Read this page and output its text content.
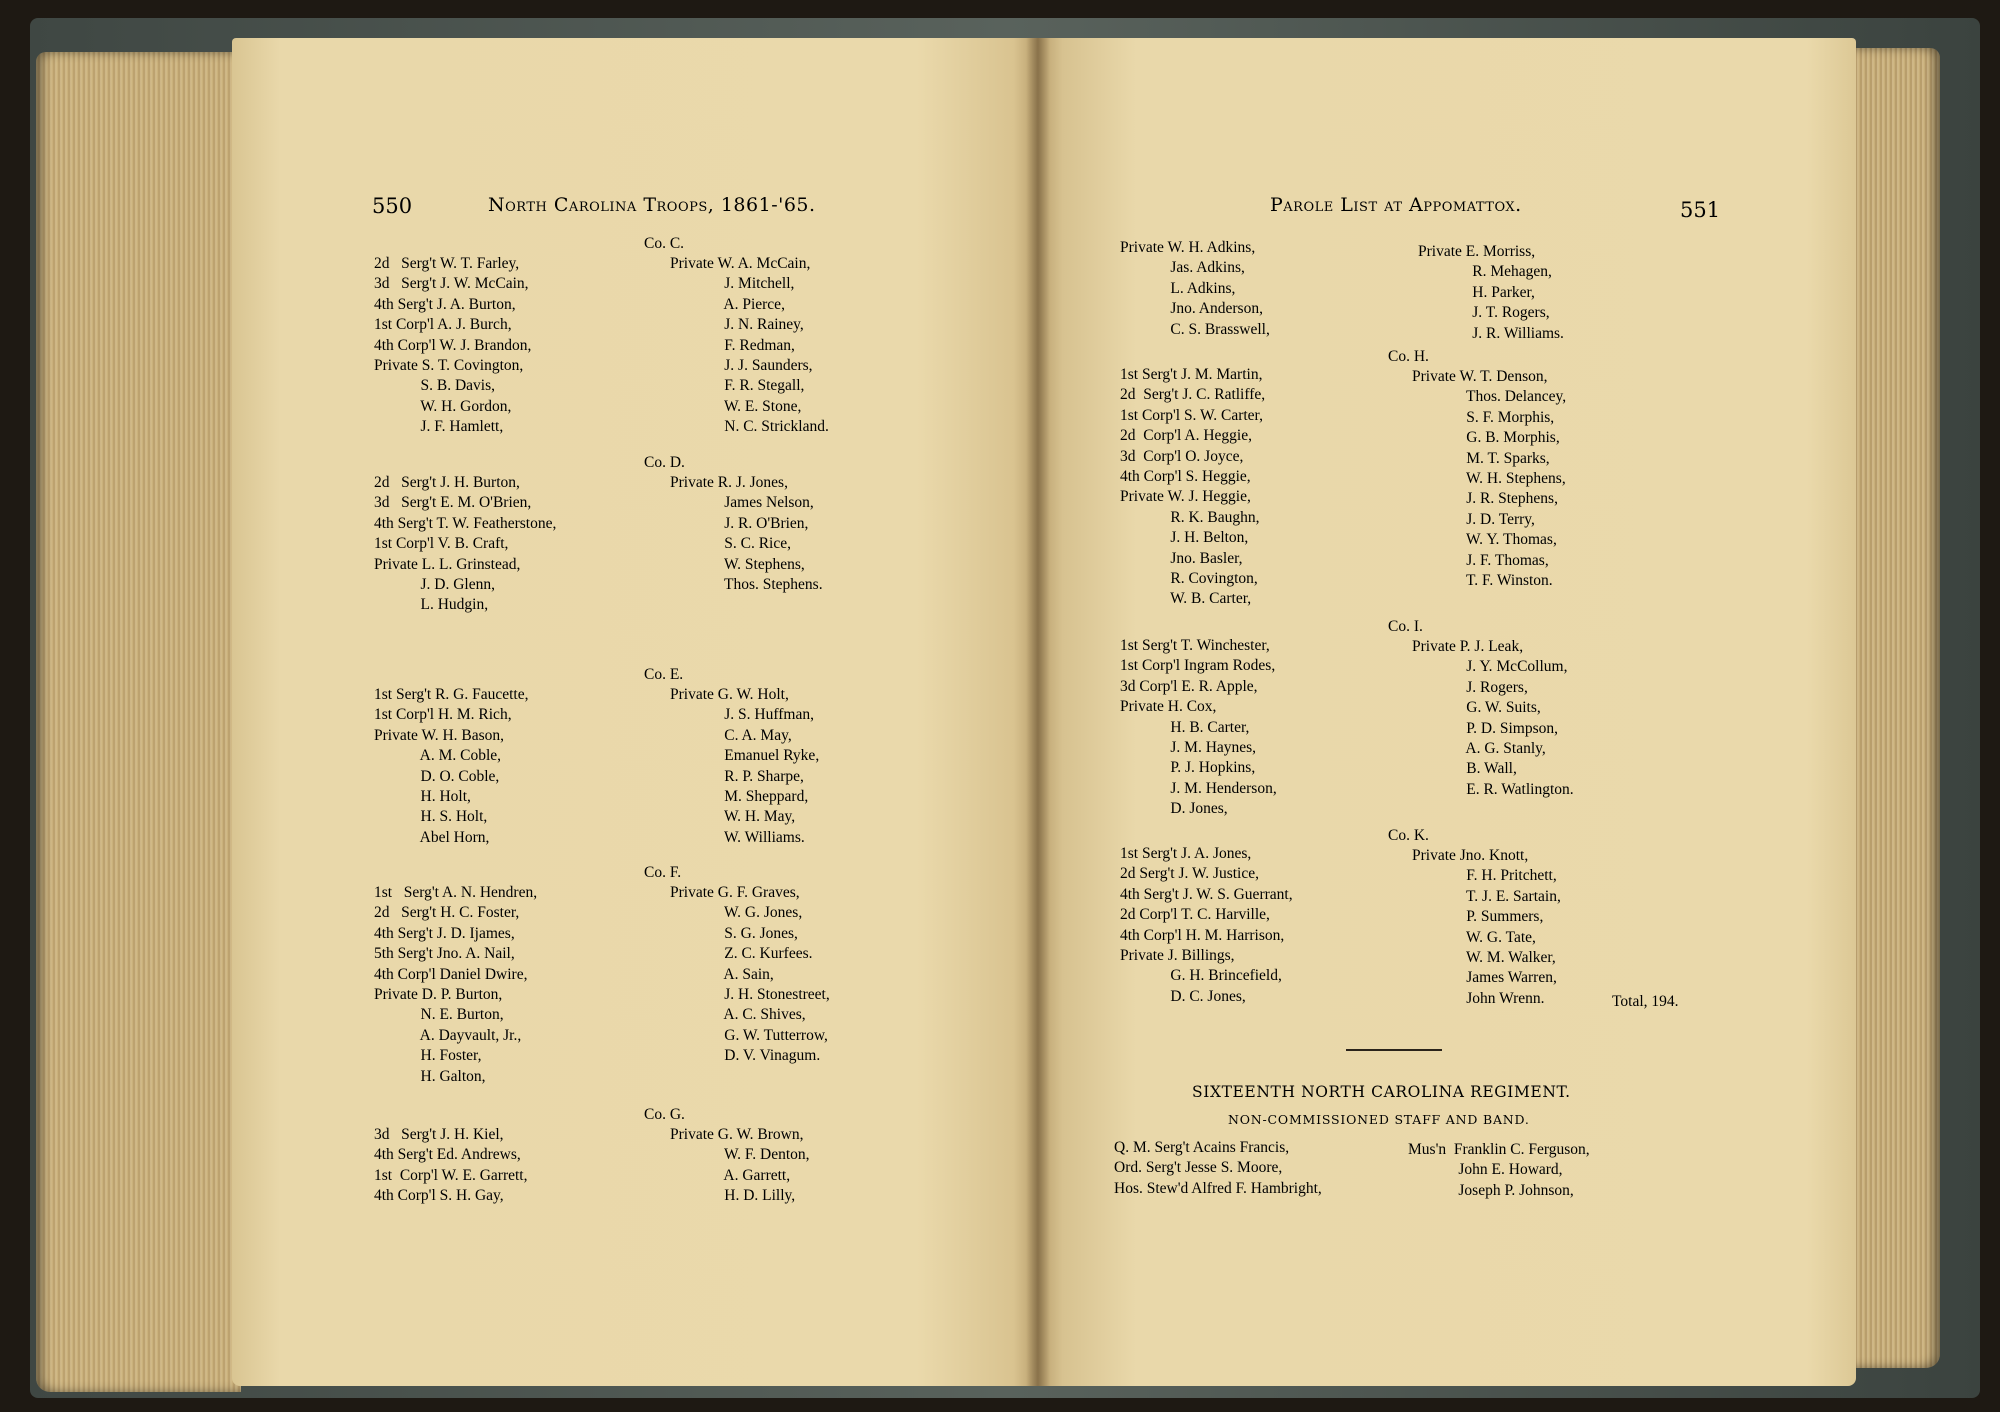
550	North Carolina Troops, 1861-'65.	Parole List at Appomattox.	551
Co. C.
2d   Serg't W. T. Farley,
3d   Serg't J. W. McCain,
4th Serg't J. A. Burton,
1st Corp'l A. J. Burch,
4th Corp'l W. J. Brandon,
Private S. T. Covington,
S. B. Davis,
W. H. Gordon,
J. F. Hamlett,
Private W. A. McCain,
J. Mitchell,
A. Pierce,
J. N. Rainey,
F. Redman,
J. J. Saunders,
F. R. Stegall,
W. E. Stone,
N. C. Strickland.
Co. D.
2d   Serg't J. H. Burton,
3d   Serg't E. M. O'Brien,
4th Serg't T. W. Featherstone,
1st Corp'l V. B. Craft,
Private L. L. Grinstead,
J. D. Glenn,
L. Hudgin,
Private R. J. Jones,
James Nelson,
J. R. O'Brien,
S. C. Rice,
W. Stephens,
Thos. Stephens.
Co. E.
1st Serg't R. G. Faucette,
1st Corp'l H. M. Rich,
Private W. H. Bason,
A. M. Coble,
D. O. Coble,
H. Holt,
H. S. Holt,
Abel Horn,
Private G. W. Holt,
J. S. Huffman,
C. A. May,
Emanuel Ryke,
R. P. Sharpe,
M. Sheppard,
W. H. May,
W. Williams.
Co. F.
1st   Serg't A. N. Hendren,
2d   Serg't H. C. Foster,
4th Serg't J. D. Ijames,
5th Serg't Jno. A. Nail,
4th Corp'l Daniel Dwire,
Private D. P. Burton,
N. E. Burton,
A. Dayvault, Jr.,
H. Foster,
H. Galton,
Private G. F. Graves,
W. G. Jones,
S. G. Jones,
Z. C. Kurfees.
A. Sain,
J. H. Stonestreet,
A. C. Shives,
G. W. Tutterrow,
D. V. Vinagum.
Co. G.
3d   Serg't J. H. Kiel,
4th Serg't Ed. Andrews,
1st  Corp'l W. E. Garrett,
4th Corp'l S. H. Gay,
Private G. W. Brown,
W. F. Denton,
A. Garrett,
H. D. Lilly,
Private W. H. Adkins,
Jas. Adkins,
L. Adkins,
Jno. Anderson,
C. S. Brasswell,
1st Serg't J. M. Martin,
2d  Serg't J. C. Ratliffe,
1st Corp'l S. W. Carter,
2d  Corp'l A. Heggie,
3d  Corp'l O. Joyce,
4th Corp'l S. Heggie,
Private W. J. Heggie,
R. K. Baughn,
J. H. Belton,
Jno. Basler,
R. Covington,
W. B. Carter,
1st Serg't T. Winchester,
1st Corp'l Ingram Rodes,
3d Corp'l E. R. Apple,
Private H. Cox,
H. B. Carter,
J. M. Haynes,
P. J. Hopkins,
J. M. Henderson,
D. Jones,
1st Serg't J. A. Jones,
2d Serg't J. W. Justice,
4th Serg't J. W. S. Guerrant,
2d Corp'l T. C. Harville,
4th Corp'l H. M. Harrison,
Private J. Billings,
G. H. Brincefield,
D. C. Jones,
Private E. Morriss,
R. Mehagen,
H. Parker,
J. T. Rogers,
J. R. Williams.
Co. H.
Private W. T. Denson,
Thos. Delancey,
S. F. Morphis,
G. B. Morphis,
M. T. Sparks,
W. H. Stephens,
J. R. Stephens,
J. D. Terry,
W. Y. Thomas,
J. F. Thomas,
T. F. Winston.
Co. I.
Private P. J. Leak,
J. Y. McCollum,
J. Rogers,
G. W. Suits,
P. D. Simpson,
A. G. Stanly,
B. Wall,
E. R. Watlington.
Co. K.
Private Jno. Knott,
F. H. Pritchett,
T. J. E. Sartain,
P. Summers,
W. G. Tate,
W. M. Walker,
James Warren,
John Wrenn.	Total, 194.
Q. M. Serg't Acains Francis,
Ord. Serg't Jesse S. Moore,
Hos. Stew'd Alfred F. Hambright,
Mus'n  Franklin C. Ferguson,
John E. Howard,
Joseph P. Johnson,
SIXTEENTH NORTH CAROLINA REGIMENT.
NON-COMMISSIONED STAFF AND BAND.
